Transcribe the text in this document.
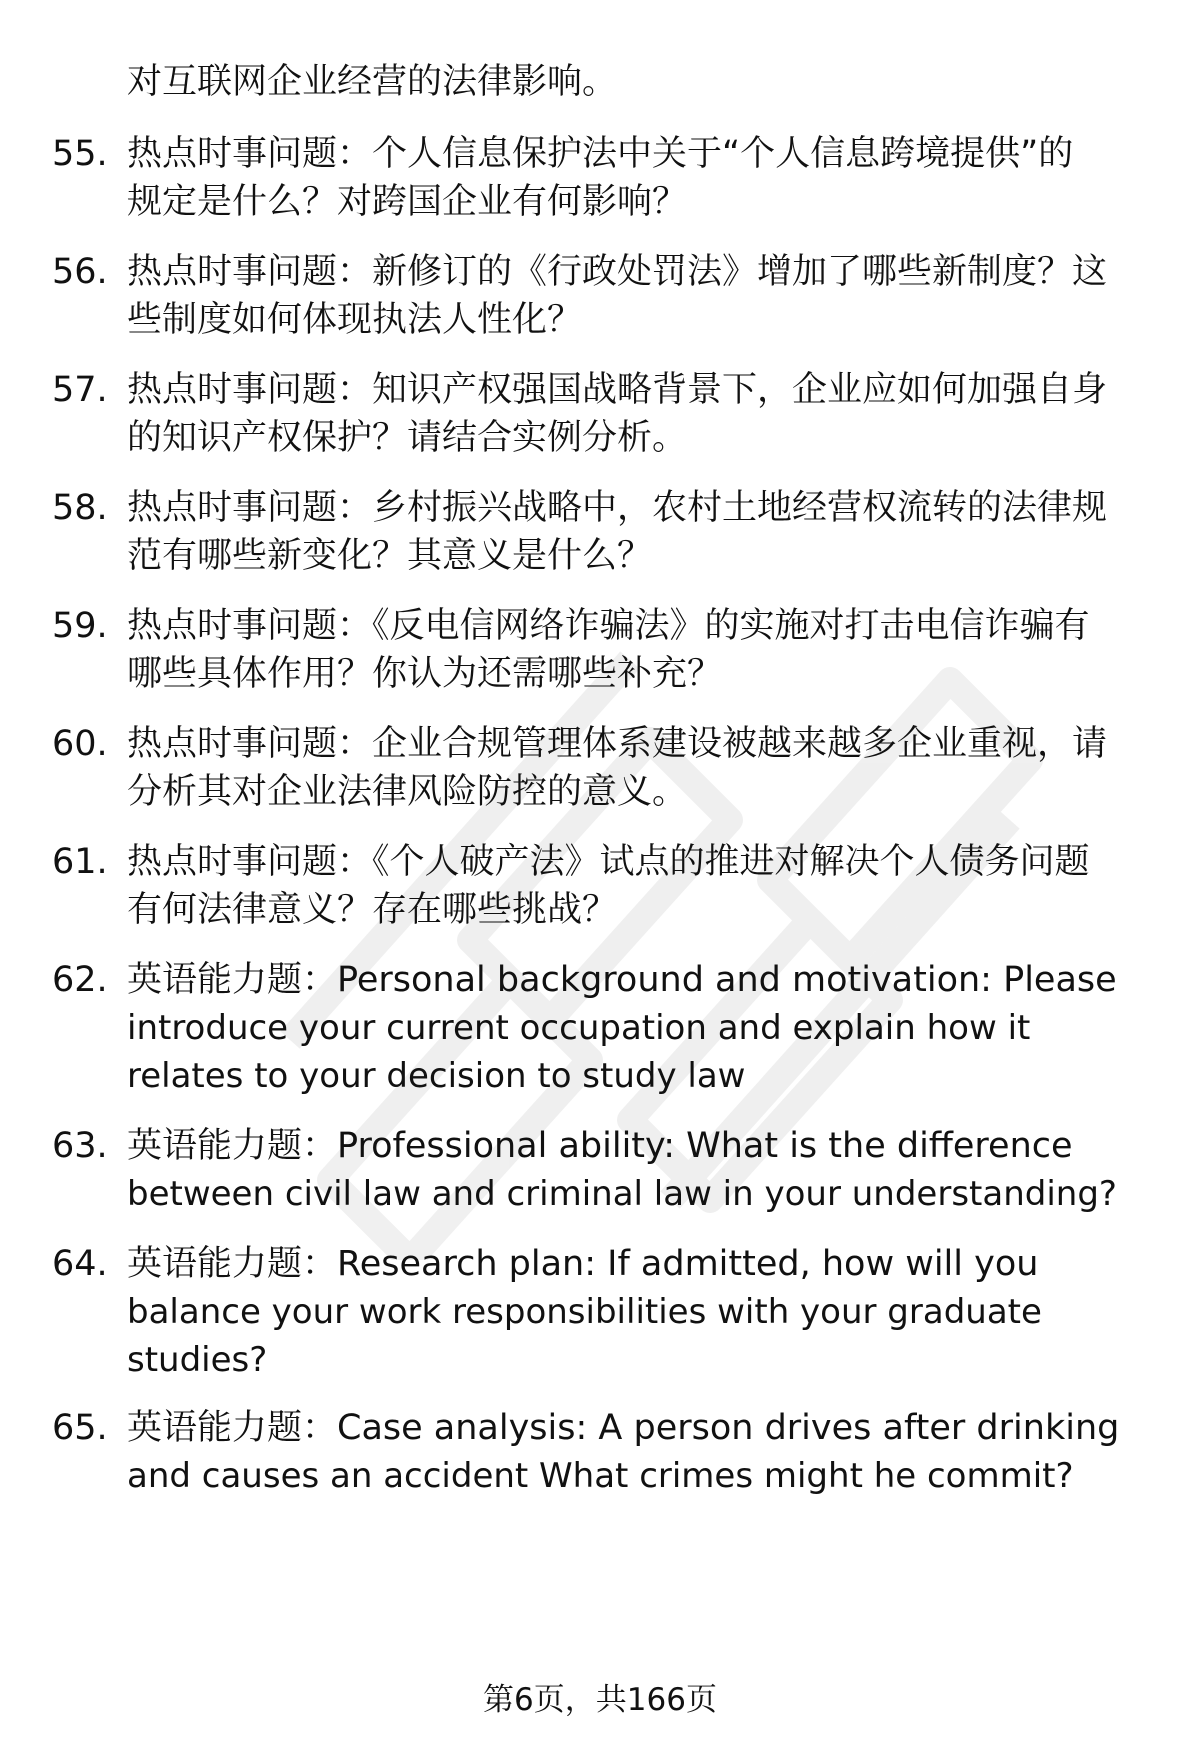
对互联网企业经营的法律影响。
55. 热点时事问题：个人信息保护法中关于“个人信息跨境提供”的
规定是什么？对跨国企业有何影响？
56. 热点时事问题：新修订的《行政处罚法》增加了哪些新制度？这
些制度如何体现执法人性化？
57. 热点时事问题：知识产权强国战略背景下，企业应如何加强自身
的知识产权保护？请结合实例分析。
58. 热点时事问题：乡村振兴战略中，农村土地经营权流转的法律规
范有哪些新变化？其意义是什么？
59. 热点时事问题：《反电信网络诈骗法》的实施对打击电信诈骗有
哪些具体作用？你认为还需哪些补充？
60. 热点时事问题：企业合规管理体系建设被越来越多企业重视，请
分析其对企业法律风险防控的意义。
61. 热点时事问题：《个人破产法》试点的推进对解决个人债务问题
有何法律意义？存在哪些挑战？
62. 英语能力题：Personal background and motivation: Please
introduce your current occupation and explain how it
relates to your decision to study law
63. 英语能力题：Professional ability: What is the difference
between civil law and criminal law in your understanding?
64. 英语能力题：Research plan: If admitted, how will you
balance your work responsibilities with your graduate
studies?
65. 英语能力题：Case analysis: A person drives after drinking
and causes an accident What crimes might he commit?
第6页，共166页
